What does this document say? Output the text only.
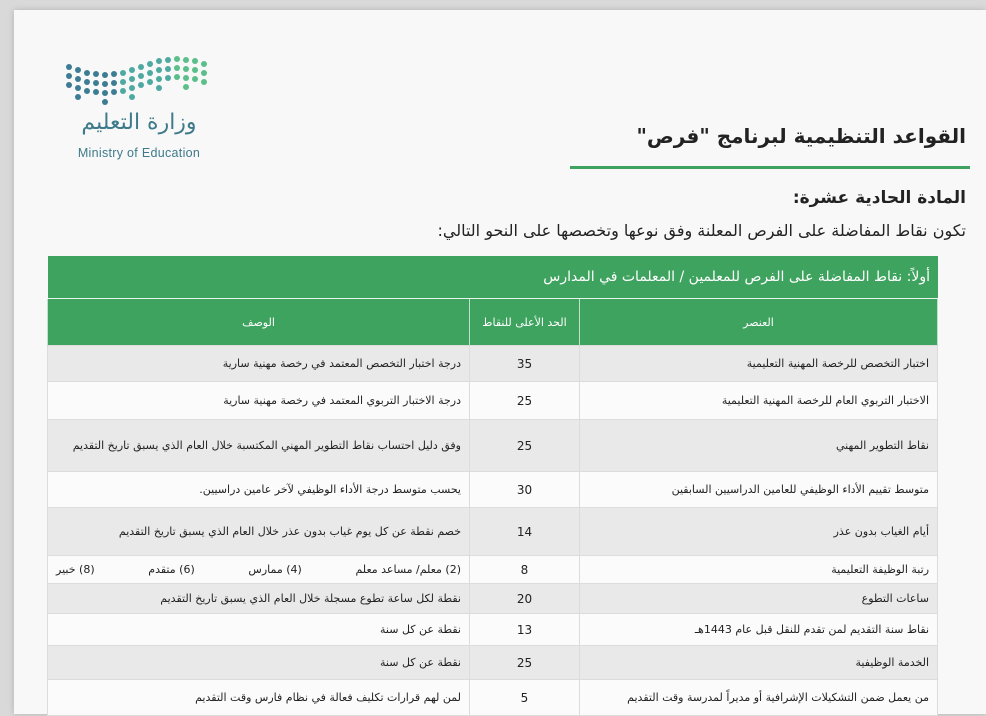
وزارة التعليم
Ministry of Education
القواعد التنظيمية لبرنامج "فرص"
المادة الحادية عشرة:
تكون نقاط المفاضلة على الفرص المعلنة وفق نوعها وتخصصها على النحو التالي:
أولاً: نقاط المفاضلة على الفرص للمعلمين / المعلمات في المدارس
العنصر	الحد الأعلى للنقاط	الوصف
اختبار التخصص للرخصة المهنية التعليمية	35	درجة اختبار التخصص المعتمد في رخصة مهنية سارية
الاختبار التربوي العام للرخصة المهنية التعليمية	25	درجة الاختبار التربوي المعتمد في رخصة مهنية سارية
نقاط التطوير المهني	25	وفق دليل احتساب نقاط التطوير المهني المكتسبة خلال العام الذي يسبق تاريخ التقديم
متوسط تقييم الأداء الوظيفي للعامين الدراسيين السابقين	30	يحسب متوسط درجة الأداء الوظيفي لآخر عامين دراسيين.
أيام الغياب بدون عذر	14	خصم نقطة عن كل يوم غياب بدون عذر خلال العام الذي يسبق تاريخ التقديم
رتبة الوظيفة التعليمية	8	(2) معلم/ مساعد معلم
(4) ممارس
(6) متقدم
(8) خبير

ساعات التطوع	20	نقطة لكل ساعة تطوع مسجلة خلال العام الذي يسبق تاريخ التقديم
نقاط سنة التقديم لمن تقدم للنقل قبل عام 1443هـ	13	نقطة عن كل سنة
الخدمة الوظيفية	25	نقطة عن كل سنة
من يعمل ضمن التشكيلات الإشرافية أو مديراً لمدرسة وقت التقديم	5	لمن لهم قرارات تكليف فعالة في نظام فارس وقت التقديم
